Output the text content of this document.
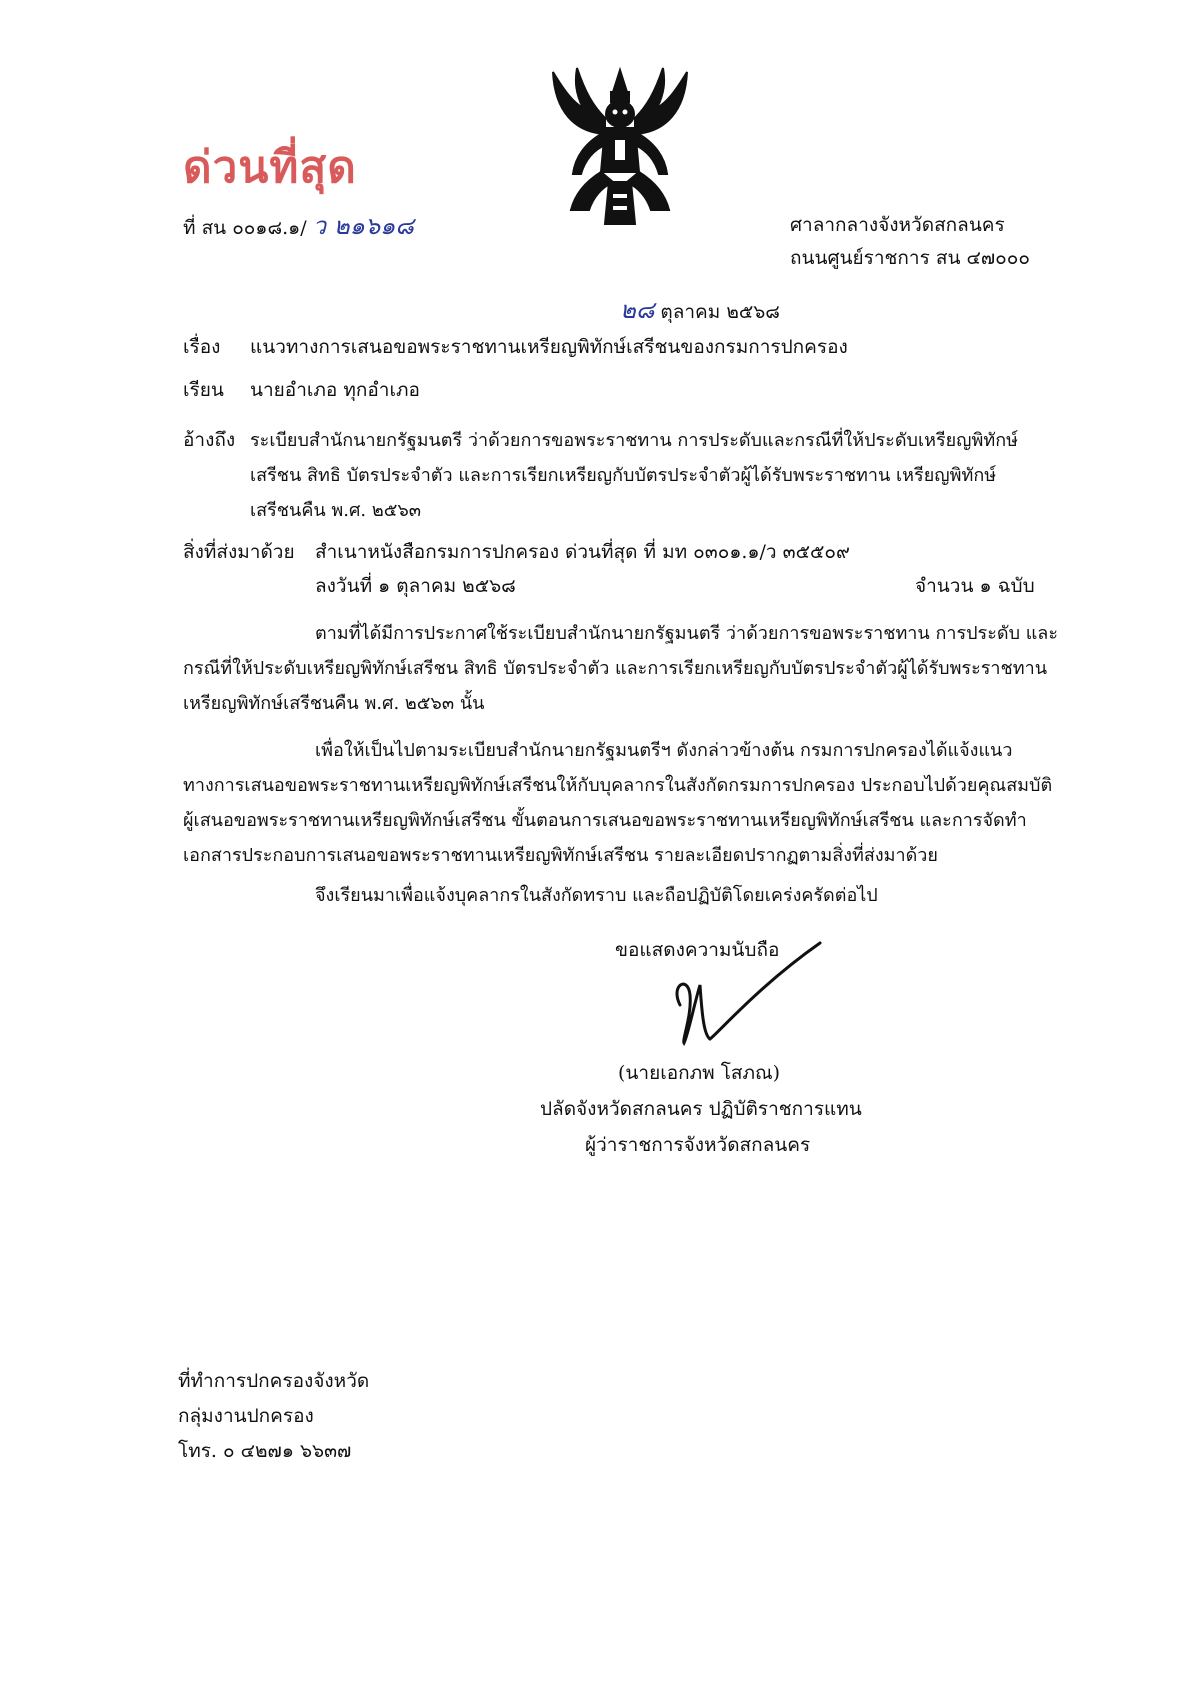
ด่วนที่สุด
ที่ สน ๐๐๑๘.๑/ ว ๒๑๖๑๘	ศาลากลางจังหวัดสกลนคร
ถนนศูนย์ราชการ สน ๔๗๐๐๐
๒๘ ตุลาคม ๒๕๖๘
เรื่อง แนวทางการเสนอขอพระราชทานเหรียญพิทักษ์เสรีชนของกรมการปกครอง
เรียน นายอำเภอ ทุกอำเภอ
อ้างถึง ระเบียบสำนักนายกรัฐมนตรี ว่าด้วยการขอพระราชทาน การประดับและกรณีที่ให้ประดับเหรียญพิทักษ์
เสรีชน สิทธิ บัตรประจำตัว และการเรียกเหรียญกับบัตรประจำตัวผู้ได้รับพระราชทาน เหรียญพิทักษ์
เสรีชนคืน พ.ศ. ๒๕๖๓
สิ่งที่ส่งมาด้วย สำเนาหนังสือกรมการปกครอง ด่วนที่สุด ที่ มท ๐๓๐๑.๑/ว ๓๕๕๐๙
ลงวันที่ ๑ ตุลาคม ๒๕๖๘	จำนวน ๑ ฉบับ
ตามที่ได้มีการประกาศใช้ระเบียบสำนักนายกรัฐมนตรี ว่าด้วยการขอพระราชทาน การประดับ และ
กรณีที่ให้ประดับเหรียญพิทักษ์เสรีชน สิทธิ บัตรประจำตัว และการเรียกเหรียญกับบัตรประจำตัวผู้ได้รับพระราชทาน
เหรียญพิทักษ์เสรีชนคืน พ.ศ. ๒๕๖๓ นั้น
เพื่อให้เป็นไปตามระเบียบสำนักนายกรัฐมนตรีฯ ดังกล่าวข้างต้น กรมการปกครองได้แจ้งแนว
ทางการเสนอขอพระราชทานเหรียญพิทักษ์เสรีชนให้กับบุคลากรในสังกัดกรมการปกครอง ประกอบไปด้วยคุณสมบัติ
ผู้เสนอขอพระราชทานเหรียญพิทักษ์เสรีชน ขั้นตอนการเสนอขอพระราชทานเหรียญพิทักษ์เสรีชน และการจัดทำ
เอกสารประกอบการเสนอขอพระราชทานเหรียญพิทักษ์เสรีชน รายละเอียดปรากฏตามสิ่งที่ส่งมาด้วย
จึงเรียนมาเพื่อแจ้งบุคลากรในสังกัดทราบ และถือปฏิบัติโดยเคร่งครัดต่อไป
ขอแสดงความนับถือ
(นายเอกภพ โสภณ)
ปลัดจังหวัดสกลนคร ปฏิบัติราชการแทน
ผู้ว่าราชการจังหวัดสกลนคร
ที่ทำการปกครองจังหวัด
กลุ่มงานปกครอง
โทร. ๐ ๔๒๗๑ ๖๖๓๗
